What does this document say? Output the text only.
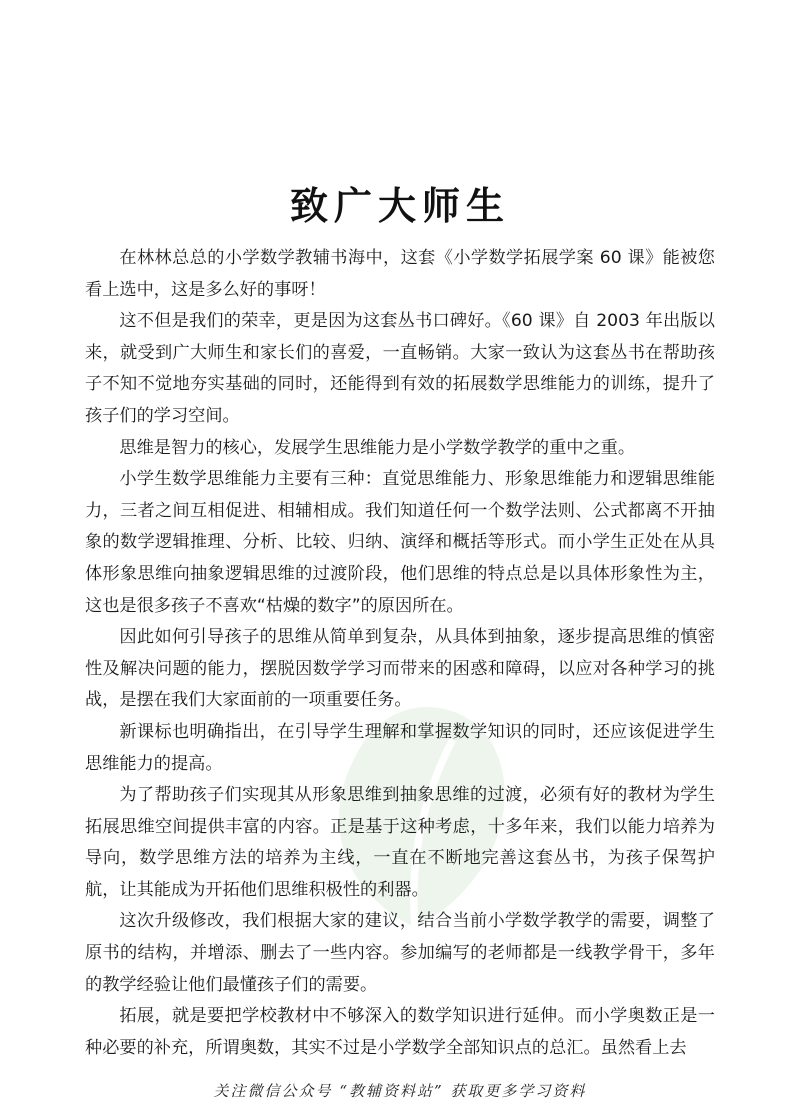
致广大师生

在林林总总的小学数学教辅书海中，这套《小学数学拓展学案 60 课》能被您看上选中，这是多么好的事呀！

这不但是我们的荣幸，更是因为这套丛书口碑好。《60 课》自 2003 年出版以来，就受到广大师生和家长们的喜爱，一直畅销。大家一致认为这套丛书在帮助孩子不知不觉地夯实基础的同时，还能得到有效的拓展数学思维能力的训练，提升了孩子们的学习空间。

思维是智力的核心，发展学生思维能力是小学数学教学的重中之重。

小学生数学思维能力主要有三种：直觉思维能力、形象思维能力和逻辑思维能力，三者之间互相促进、相辅相成。我们知道任何一个数学法则、公式都离不开抽象的数学逻辑推理、分析、比较、归纳、演绎和概括等形式。而小学生正处在从具体形象思维向抽象逻辑思维的过渡阶段，他们思维的特点总是以具体形象性为主，这也是很多孩子不喜欢“枯燥的数字”的原因所在。

因此如何引导孩子的思维从简单到复杂，从具体到抽象，逐步提高思维的慎密性及解决问题的能力，摆脱因数学学习而带来的困惑和障碍，以应对各种学习的挑战，是摆在我们大家面前的一项重要任务。

新课标也明确指出，在引导学生理解和掌握数学知识的同时，还应该促进学生思维能力的提高。

为了帮助孩子们实现其从形象思维到抽象思维的过渡，必须有好的教材为学生拓展思维空间提供丰富的内容。正是基于这种考虑，十多年来，我们以能力培养为导向，数学思维方法的培养为主线，一直在不断地完善这套丛书，为孩子保驾护航，让其能成为开拓他们思维积极性的利器。

这次升级修改，我们根据大家的建议，结合当前小学数学教学的需要，调整了原书的结构，并增添、删去了一些内容。参加编写的老师都是一线教学骨干，多年的教学经验让他们最懂孩子们的需要。

拓展，就是要把学校教材中不够深入的数学知识进行延伸。而小学奥数正是一种必要的补充，所谓奥数，其实不过是小学数学全部知识点的总汇。虽然看上去

关注微信公众号 “教辅资料站” 获取更多学习资料
